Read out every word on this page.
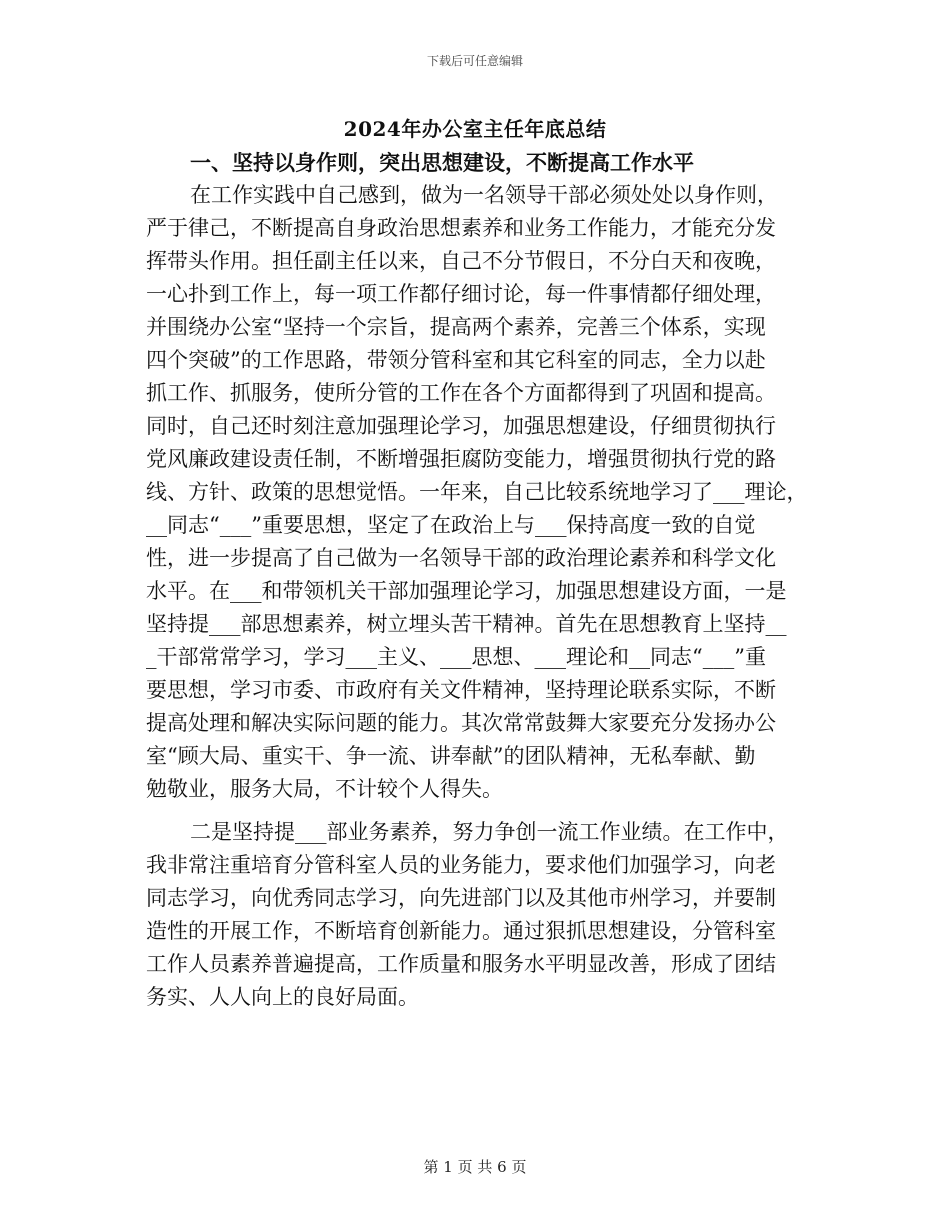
下载后可任意编辑
2024年办公室主任年底总结
一、坚持以身作则，突出思想建设，不断提高工作水平
在工作实践中自己感到，做为一名领导干部必须处处以身作则，
严于律己，不断提高自身政治思想素养和业务工作能力，才能充分发
挥带头作用。担任副主任以来，自己不分节假日，不分白天和夜晚，
一心扑到工作上，每一项工作都仔细讨论，每一件事情都仔细处理，
并围绕办公室“坚持一个宗旨，提高两个素养，完善三个体系，实现
四个突破”的工作思路，带领分管科室和其它科室的同志，全力以赴
抓工作、抓服务，使所分管的工作在各个方面都得到了巩固和提高。
同时，自己还时刻注意加强理论学习，加强思想建设，仔细贯彻执行
党风廉政建设责任制，不断增强拒腐防变能力，增强贯彻执行党的路
线、方针、政策的思想觉悟。一年来，自己比较系统地学习了___理论，
__同志“___”重要思想，坚定了在政治上与___保持高度一致的自觉
性，进一步提高了自己做为一名领导干部的政治理论素养和科学文化
水平。在___和带领机关干部加强理论学习，加强思想建设方面，一是
坚持提___部思想素养，树立埋头苦干精神。首先在思想教育上坚持__
_干部常常学习，学习___主义、___思想、___理论和__同志“___”重
要思想，学习市委、市政府有关文件精神，坚持理论联系实际，不断
提高处理和解决实际问题的能力。其次常常鼓舞大家要充分发扬办公
室“顾大局、重实干、争一流、讲奉献”的团队精神，无私奉献、勤
勉敬业，服务大局，不计较个人得失。
二是坚持提___部业务素养，努力争创一流工作业绩。在工作中，
我非常注重培育分管科室人员的业务能力，要求他们加强学习，向老
同志学习，向优秀同志学习，向先进部门以及其他市州学习，并要制
造性的开展工作，不断培育创新能力。通过狠抓思想建设，分管科室
工作人员素养普遍提高，工作质量和服务水平明显改善，形成了团结
务实、人人向上的良好局面。
第 1 页 共 6 页
